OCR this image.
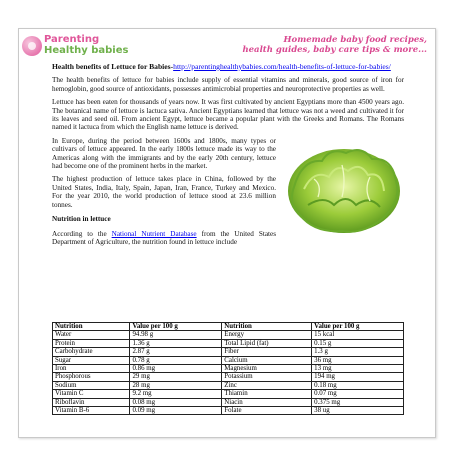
Parenting
Healthy babies
Homemade baby food recipes,
health guides, baby care tips & more...

Health benefits of Lettuce for Babies-http://parentinghealthybabies.com/health-benefits-of-lettuce-for-babies/

The health benefits of lettuce for babies include supply of essential vitamins and minerals, good source of iron for hemoglobin, good source of antioxidants, possesses antimicrobial properties and neuroprotective properties as well.

Lettuce has been eaten for thousands of years now. It was first cultivated by ancient Egyptians more than 4500 years ago. The botanical name of lettuce is lactuca sativa. Ancient Egyptians learned that lettuce was not a weed and cultivated it for its leaves and seed oil. From ancient Egypt, lettuce became a popular plant with the Greeks and Romans. The Romans named it lactuca from which the English name lettuce is derived.

In Europe, during the period between 1600s and 1800s, many types or cultivars of lettuce appeared. In the early 1800s lettuce made its way to the Americas along with the immigrants and by the early 20th century, lettuce had become one of the prominent herbs in the market.

The highest production of lettuce takes place in China, followed by the United States, India, Italy, Spain, Japan, Iran, France, Turkey and Mexico. For the year 2010, the world production of lettuce stood at 23.6 million tonnes.

Nutrition in lettuce

According to the National Nutrient Database from the United States Department of Agriculture, the nutrition found in lettuce include

Nutrition	Value per 100 g	Nutrition	Value per 100 g
Water	94.98 g	Energy	15 kcal
Protein	1.36 g	Total Lipid (fat)	0.15 g
Carbohydrate	2.87 g	Fiber	1.3 g
Sugar	0.78 g	Calcium	36 mg
Iron	0.86 mg	Magnesium	13 mg
Phosphorous	29 mg	Potassium	194 mg
Sodium	28 mg	Zinc	0.18 mg
Vitamin C	9.2 mg	Thiamin	0.07 mg
Riboflavin	0.08 mg	Niacin	0.375 mg
Vitamin B-6	0.09 mg	Folate	38 ug
